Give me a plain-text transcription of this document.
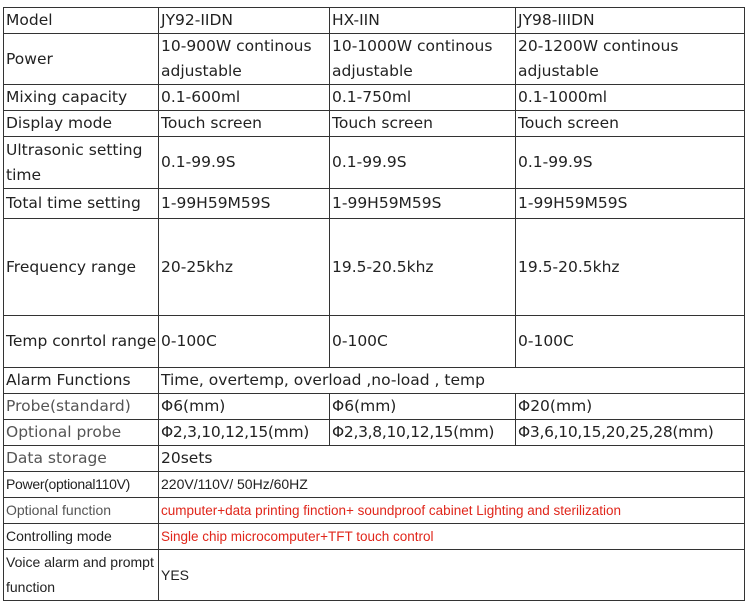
Model	JY92-IIDN	HX-IIN	JY98-IIIDN
Power	10-900W continous adjustable	10-1000W continous adjustable	20-1200W continous adjustable
Mixing capacity	0.1-600ml	0.1-750ml	0.1-1000ml
Display mode	Touch screen	Touch screen	Touch screen
Ultrasonic setting time	0.1-99.9S	0.1-99.9S	0.1-99.9S
Total time setting	1-99H59M59S	1-99H59M59S	1-99H59M59S
Frequency range	20-25khz	19.5-20.5khz	19.5-20.5khz
Temp conrtol range	0-100C	0-100C	0-100C
Alarm Functions	Time, overtemp, overload ,no-load , temp		
Probe(standard)	Φ6(mm)	Φ6(mm)	Φ20(mm)
Optional probe	Φ2,3,10,12,15(mm)	Φ2,3,8,10,12,15(mm)	Φ3,6,10,15,20,25,28(mm)
Data storage	20sets		
Power(optional110V)	220V/110V/ 50Hz/60HZ		
Optional function	cumputer+data printing finction+ soundproof cabinet Lighting and sterilization		
Controlling mode	Single chip microcomputer+TFT touch control		
Voice alarm and prompt function	YES		
